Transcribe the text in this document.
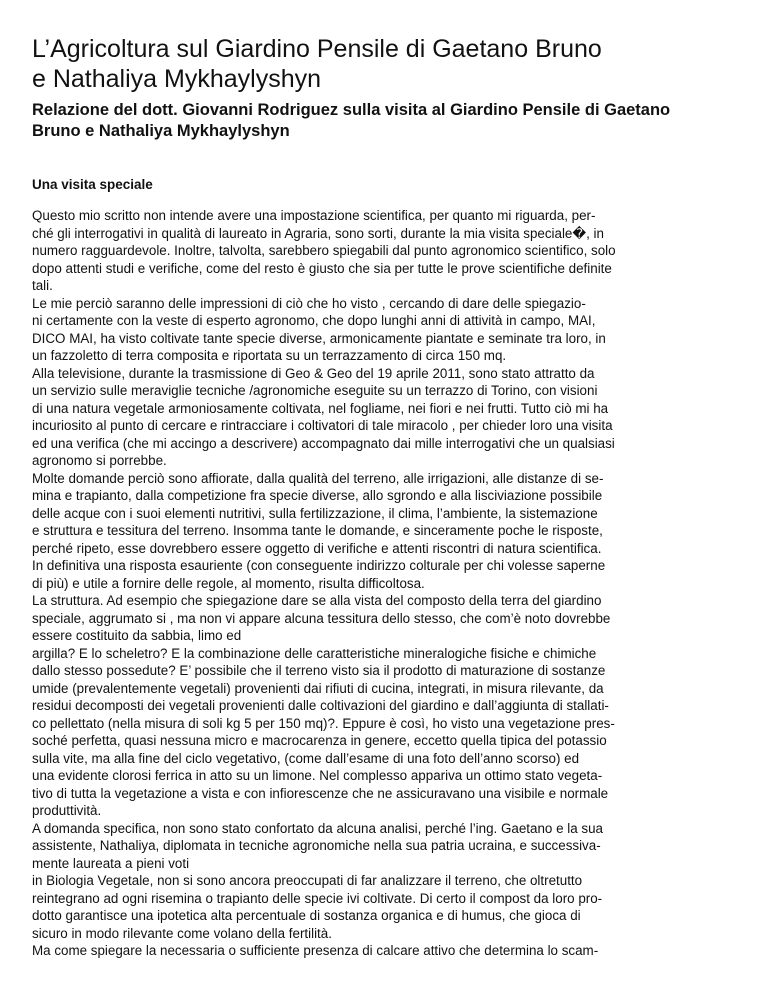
L’Agricoltura sul Giardino Pensile di Gaetano Bruno
e Nathaliya Mykhaylyshyn
Relazione del dott. Giovanni Rodriguez sulla visita al Giardino Pensile di Gaetano
Bruno e Nathaliya Mykhaylyshyn
Una visita speciale
Questo mio scritto non intende avere una impostazione scientifica, per quanto mi riguarda, per-
ché gli interrogativi in qualità di laureato in Agraria, sono sorti, durante la mia visita speciale�, in
numero ragguardevole. Inoltre, talvolta, sarebbero spiegabili dal punto agronomico scientifico, solo
dopo attenti studi e verifiche, come del resto è giusto che sia per tutte le prove scientifiche definite
tali.
Le mie perciò saranno delle impressioni di ciò che ho visto , cercando di dare delle spiegazio-
ni certamente con la veste di esperto agronomo, che dopo lunghi anni di attività in campo, MAI,
DICO MAI, ha visto coltivate tante specie diverse, armonicamente piantate e seminate tra loro, in
un fazzoletto di terra composita e riportata su un terrazzamento di circa 150 mq.
Alla televisione, durante la trasmissione di Geo & Geo del 19 aprile 2011, sono stato attratto da
un servizio sulle meraviglie tecniche /agronomiche eseguite su un terrazzo di Torino, con visioni
di una natura vegetale armoniosamente coltivata, nel fogliame, nei fiori e nei frutti. Tutto ciò mi ha
incuriosito al punto di cercare e rintracciare i coltivatori di tale miracolo , per chieder loro una visita
ed una verifica (che mi accingo a descrivere) accompagnato dai mille interrogativi che un qualsiasi
agronomo si porrebbe.
Molte domande perciò sono affiorate, dalla qualità del terreno, alle irrigazioni, alle distanze di se-
mina e trapianto, dalla competizione fra specie diverse, allo sgrondo e alla lisciviazione possibile
delle acque con i suoi elementi nutritivi, sulla fertilizzazione, il clima, l’ambiente, la sistemazione
e struttura e tessitura del terreno. Insomma tante le domande, e sinceramente poche le risposte,
perché ripeto, esse dovrebbero essere oggetto di verifiche e attenti riscontri di natura scientifica.
In definitiva una risposta esauriente (con conseguente indirizzo colturale per chi volesse saperne
di più) e utile a fornire delle regole, al momento, risulta difficoltosa.
La struttura. Ad esempio che spiegazione dare se alla vista del composto della terra del giardino
speciale, aggrumato si , ma non vi appare alcuna tessitura dello stesso, che com’è noto dovrebbe
essere costituito da sabbia, limo ed
argilla? E lo scheletro? E la combinazione delle caratteristiche mineralogiche fisiche e chimiche
dallo stesso possedute? E’ possibile che il terreno visto sia il prodotto di maturazione di sostanze
umide (prevalentemente vegetali) provenienti dai rifiuti di cucina, integrati, in misura rilevante, da
residui decomposti dei vegetali provenienti dalle coltivazioni del giardino e dall’aggiunta di stallati-
co pellettato (nella misura di soli kg 5 per 150 mq)?. Eppure è così, ho visto una vegetazione pres-
soché perfetta, quasi nessuna micro e macrocarenza in genere, eccetto quella tipica del potassio
sulla vite, ma alla fine del ciclo vegetativo, (come dall’esame di una foto dell’anno scorso) ed
una evidente clorosi ferrica in atto su un limone. Nel complesso appariva un ottimo stato vegeta-
tivo di tutta la vegetazione a vista e con infiorescenze che ne assicuravano una visibile e normale
produttività.
A domanda specifica, non sono stato confortato da alcuna analisi, perché l’ing. Gaetano e la sua
assistente, Nathaliya, diplomata in tecniche agronomiche nella sua patria ucraina, e successiva-
mente laureata a pieni voti
in Biologia Vegetale, non si sono ancora preoccupati di far analizzare il terreno, che oltretutto
reintegrano ad ogni risemina o trapianto delle specie ivi coltivate. Di certo il compost da loro pro-
dotto garantisce una ipotetica alta percentuale di sostanza organica e di humus, che gioca di
sicuro in modo rilevante come volano della fertilità.
Ma come spiegare la necessaria o sufficiente presenza di calcare attivo che determina lo scam-
